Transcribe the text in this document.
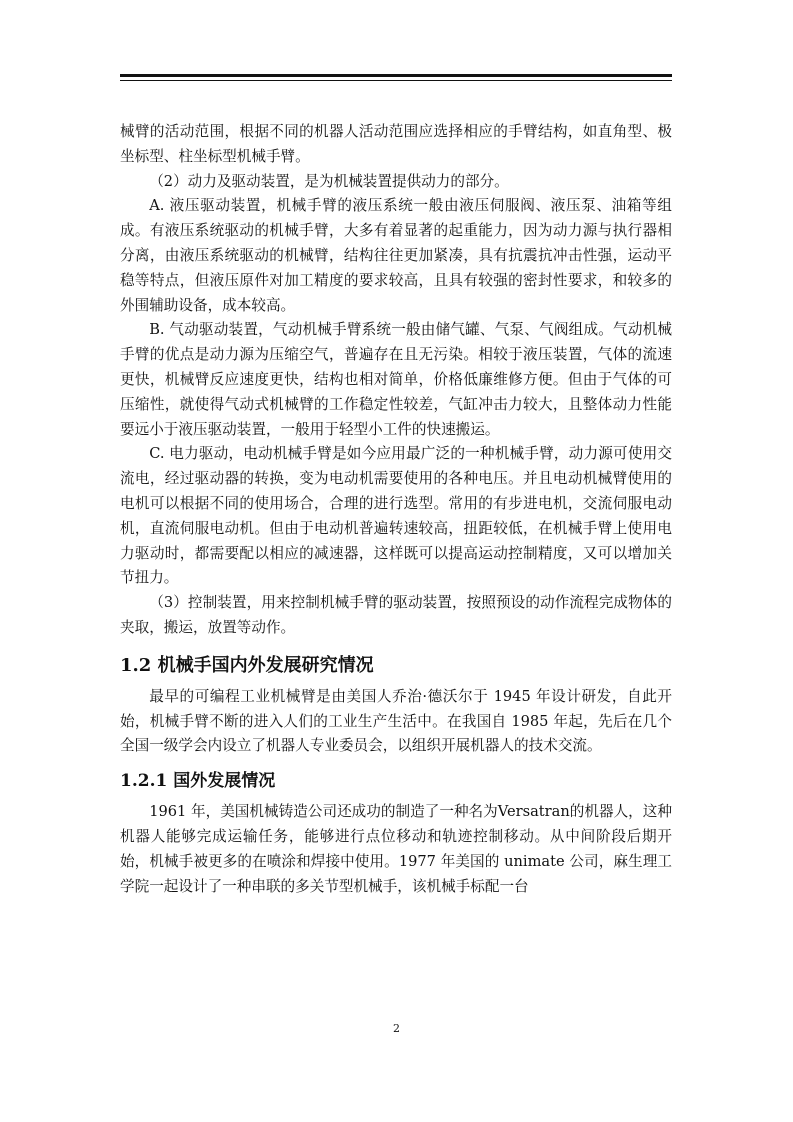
械臂的活动范围，根据不同的机器人活动范围应选择相应的手臂结构，如直角型、极坐标型、柱坐标型机械手臂。

（2）动力及驱动装置，是为机械装置提供动力的部分。

A. 液压驱动装置，机械手臂的液压系统一般由液压伺服阀、液压泵、油箱等组成。有液压系统驱动的机械手臂，大多有着显著的起重能力，因为动力源与执行器相分离，由液压系统驱动的机械臂，结构往往更加紧凑，具有抗震抗冲击性强，运动平稳等特点，但液压原件对加工精度的要求较高，且具有较强的密封性要求，和较多的外围辅助设备，成本较高。

B. 气动驱动装置，气动机械手臂系统一般由储气罐、气泵、气阀组成。气动机械手臂的优点是动力源为压缩空气，普遍存在且无污染。相较于液压装置，气体的流速更快，机械臂反应速度更快，结构也相对简单，价格低廉维修方便。但由于气体的可压缩性，就使得气动式机械臂的工作稳定性较差，气缸冲击力较大，且整体动力性能要远小于液压驱动装置，一般用于轻型小工件的快速搬运。

C. 电力驱动，电动机械手臂是如今应用最广泛的一种机械手臂，动力源可使用交流电，经过驱动器的转换，变为电动机需要使用的各种电压。并且电动机械臂使用的电机可以根据不同的使用场合，合理的进行选型。常用的有步进电机，交流伺服电动机，直流伺服电动机。但由于电动机普遍转速较高，扭距较低，在机械手臂上使用电力驱动时，都需要配以相应的减速器，这样既可以提高运动控制精度，又可以增加关节扭力。

（3）控制装置，用来控制机械手臂的驱动装置，按照预设的动作流程完成物体的夹取，搬运，放置等动作。

1.2 机械手国内外发展研究情况

最早的可编程工业机械臂是由美国人乔治·德沃尔于 1945 年设计研发，自此开始，机械手臂不断的进入人们的工业生产生活中。在我国自 1985 年起，先后在几个全国一级学会内设立了机器人专业委员会，以组织开展机器人的技术交流。

1.2.1 国外发展情况

1961 年，美国机械铸造公司还成功的制造了一种名为Versatran的机器人，这种机器人能够完成运输任务，能够进行点位移动和轨迹控制移动。从中间阶段后期开始，机械手被更多的在喷涂和焊接中使用。1977 年美国的 unimate 公司，麻生理工学院一起设计了一种串联的多关节型机械手，该机械手标配一台

2
